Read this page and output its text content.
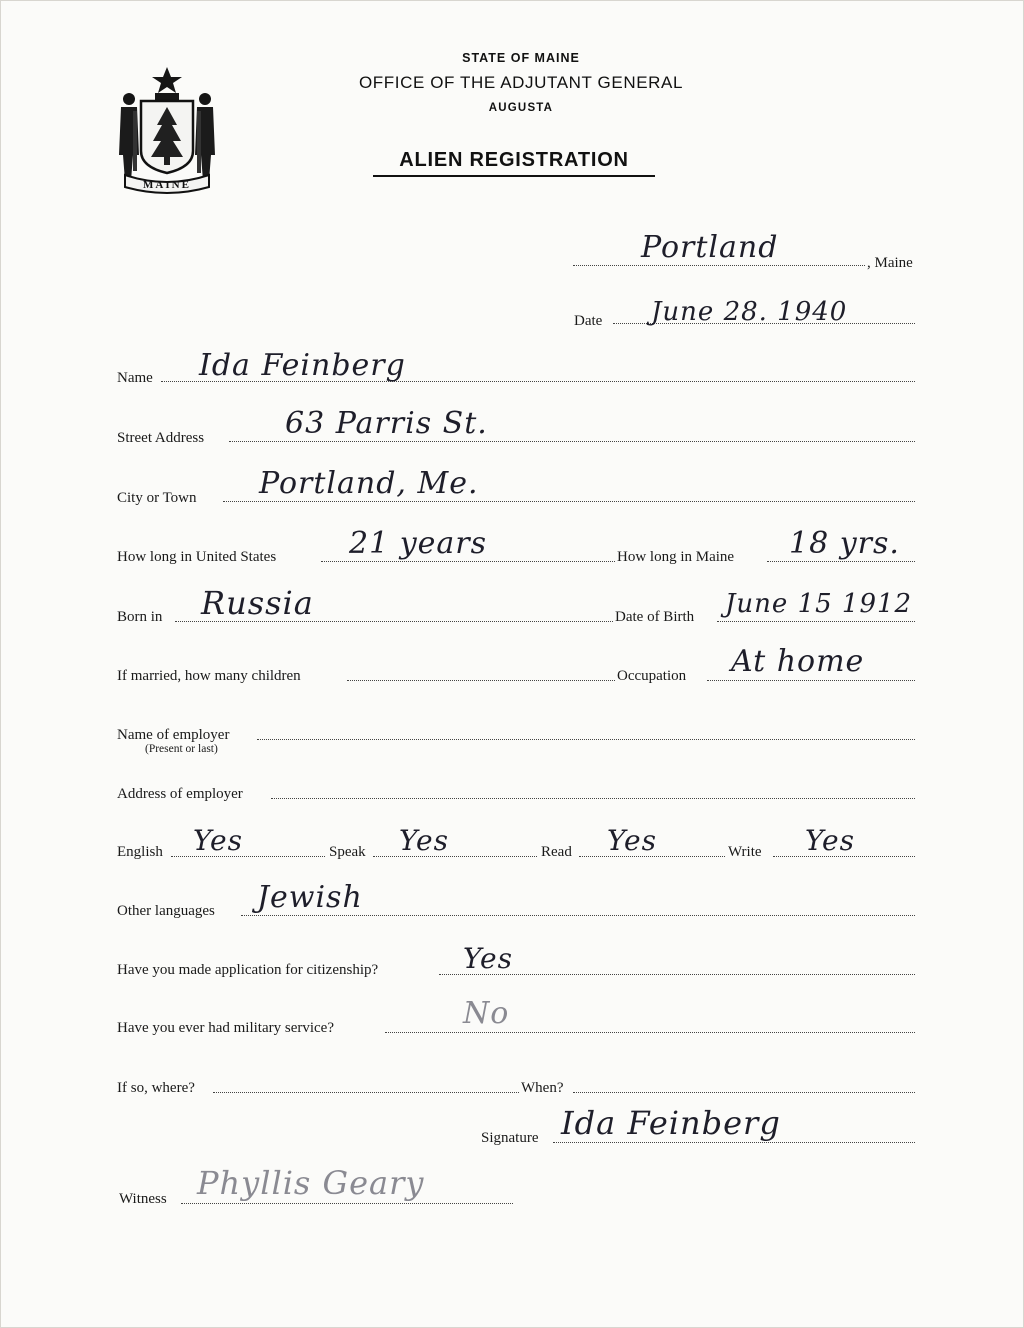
MAINE
STATE OF MAINE
OFFICE OF THE ADJUTANT GENERAL
AUGUSTA
ALIEN REGISTRATION
Portland	, Maine
Date June 28. 1940
Name Ida Feinberg
Street Address	63 Parris St.
City or Town Portland, Me.
How long in United States 21 years	How long in Maine 18 yrs.
Born in Russia	Date of Birth June 15 1912
If married, how many children	Occupation At home
Name of employer
(Present or last)
Address of employer
English Yes	Speak Yes	Read Yes	Write Yes
Other languages Jewish
Have you made application for citizenship?	Yes
Have you ever had military service?	No
If so, where?	When?
Signature Ida Feinberg
Witness Phyllis Geary
